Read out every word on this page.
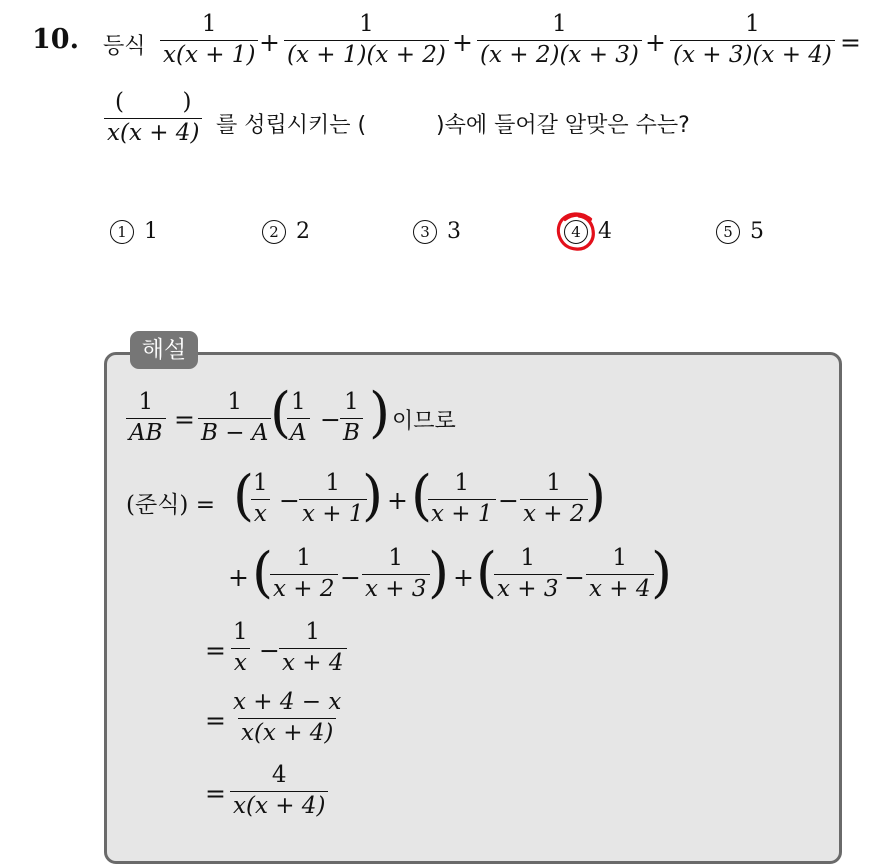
10. 등식 $\frac{1}{x(x + 1)} + \frac{1}{(x + 1)(x + 2)} + \frac{1}{(x + 2)(x + 3)} + \frac{1}{(x + 3)(x + 4)}$ =
(        )
x(x + 4) 를 성립시키는 (          )속에 들어갈 알맞은 수는?
1 1	2 2	3 3	4 4	5 5
해설
$\frac{1}{AB} = \frac{1}{B - A}$
(
$\frac{1}{A} - \frac{1}{B}$ ) 이므로
(준식) = (
$\frac{1}{x} - \frac{1}{x + 1}$
) + (
$\frac{1}{x + 1} - \frac{1}{x + 2}$
)
+ (
$\frac{1}{x + 2} - \frac{1}{x + 3}$
) + (
$\frac{1}{x + 3} - \frac{1}{x + 4}$
)
= $\frac{1}{x} - \frac{1}{x + 4}$
= $\frac{x + 4 - x}{x(x + 4)}$
= $\frac{4}{x(x + 4)}$
